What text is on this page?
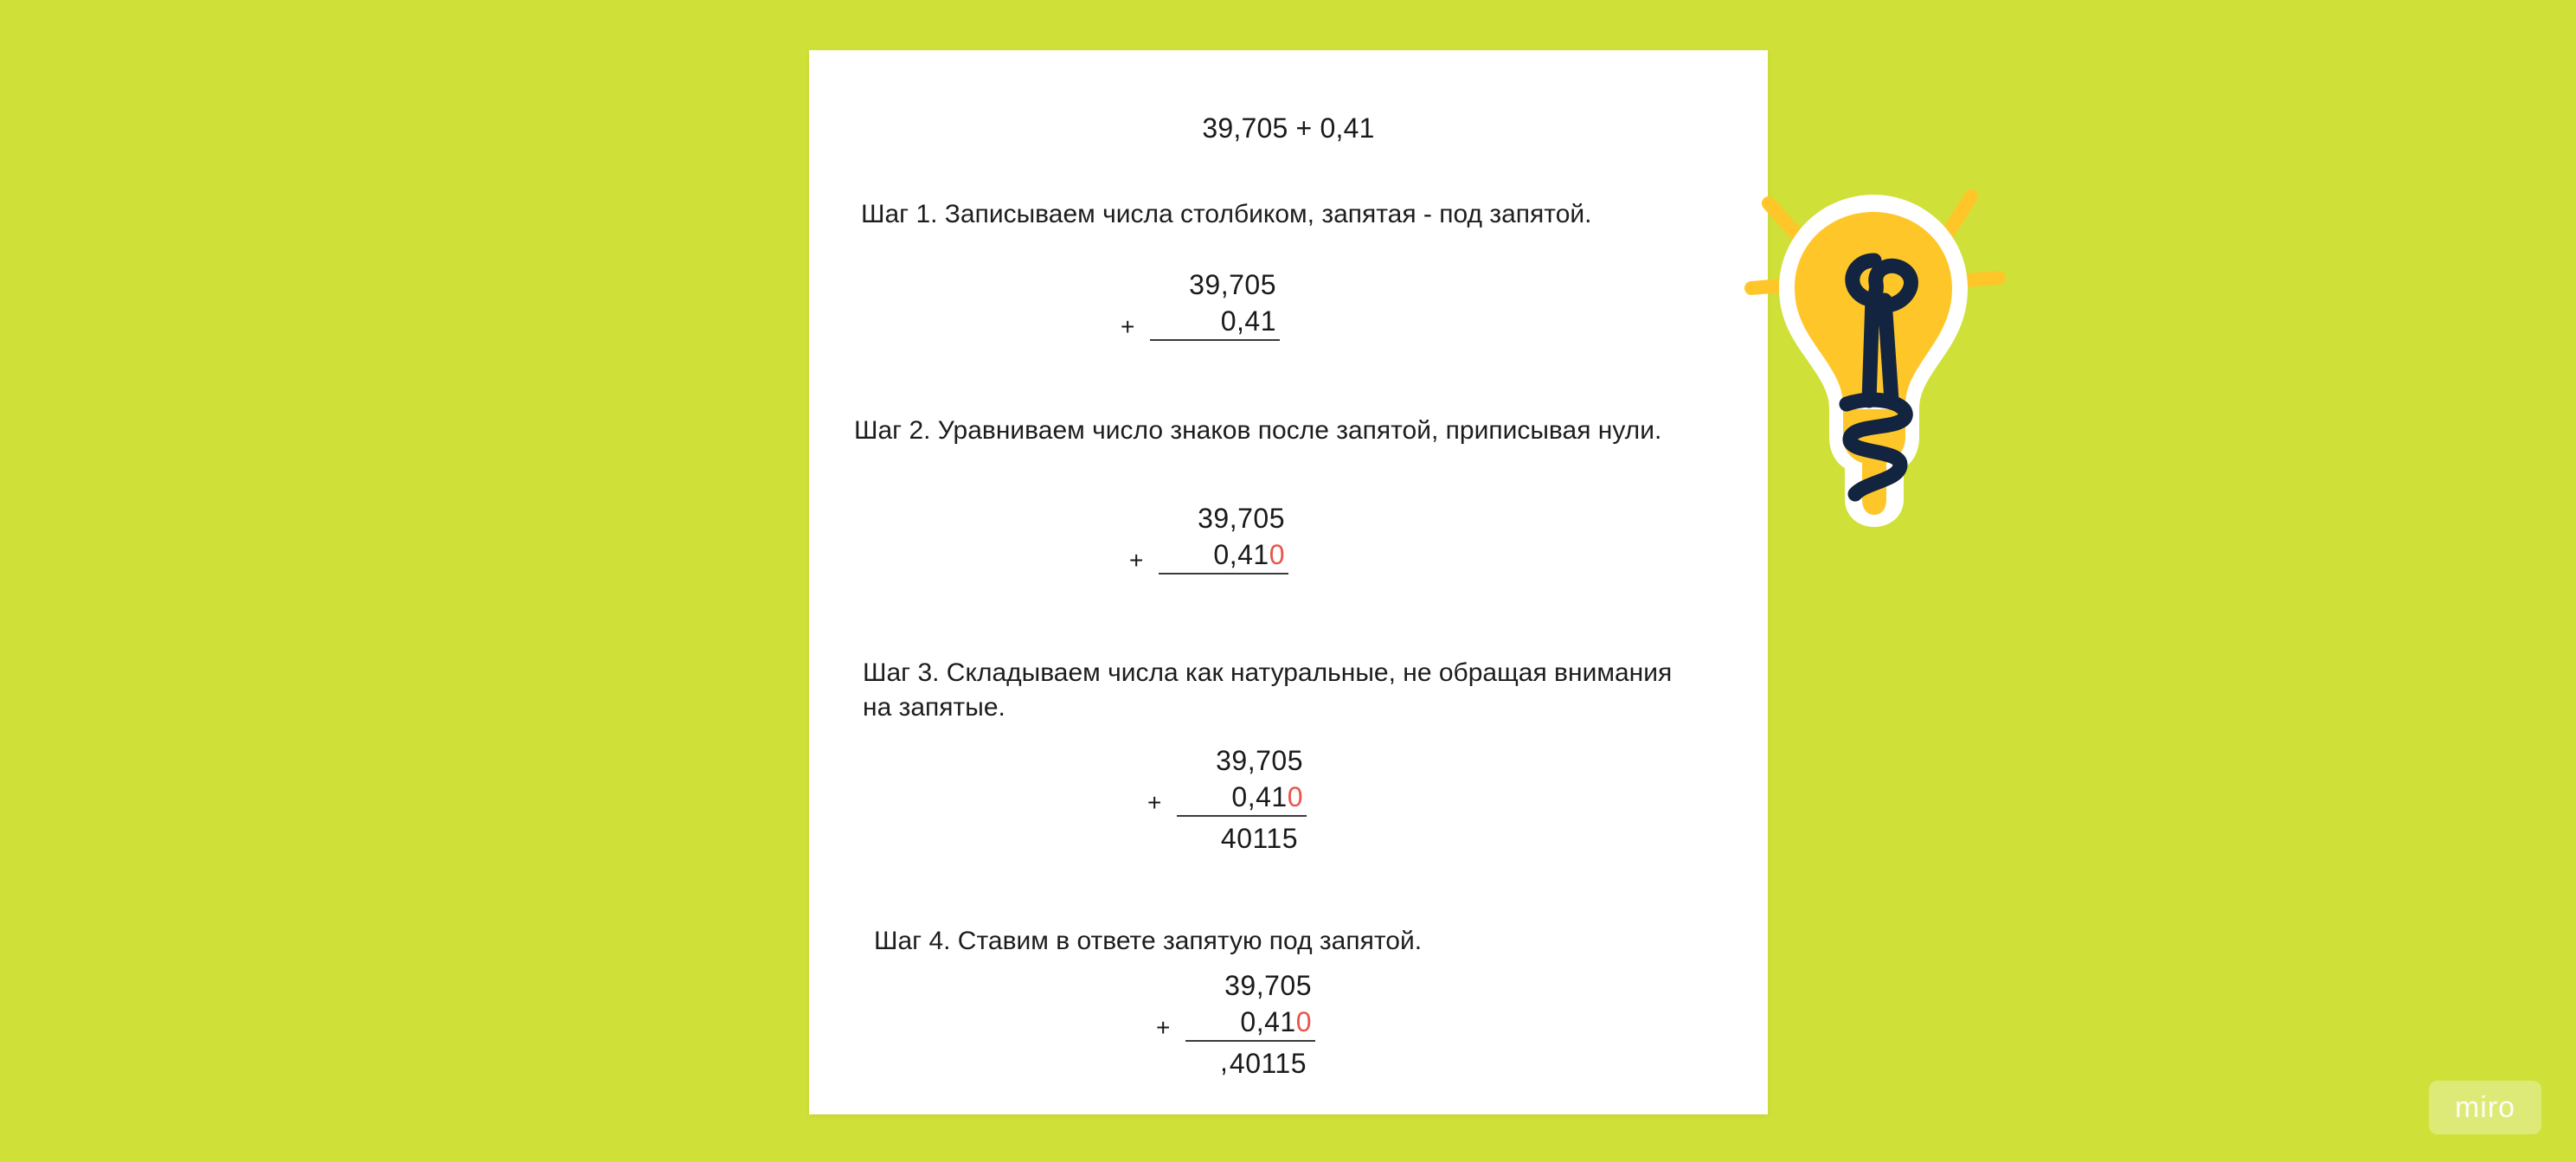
39,705 + 0,41
Шаг 1. Записываем числа столбиком, запятая - под запятой.
39,705
+	0,41
Шаг 2. Уравниваем число знаков после запятой, приписывая нули.
39,705
+	0,410
Шаг 3. Складываем числа как натуральные, не обращая внимания на запятые.
39,705
+	0,410
40115
Шаг 4. Ставим в ответе запятую под запятой.
39,705
+	0,410
40115 ,
miro
